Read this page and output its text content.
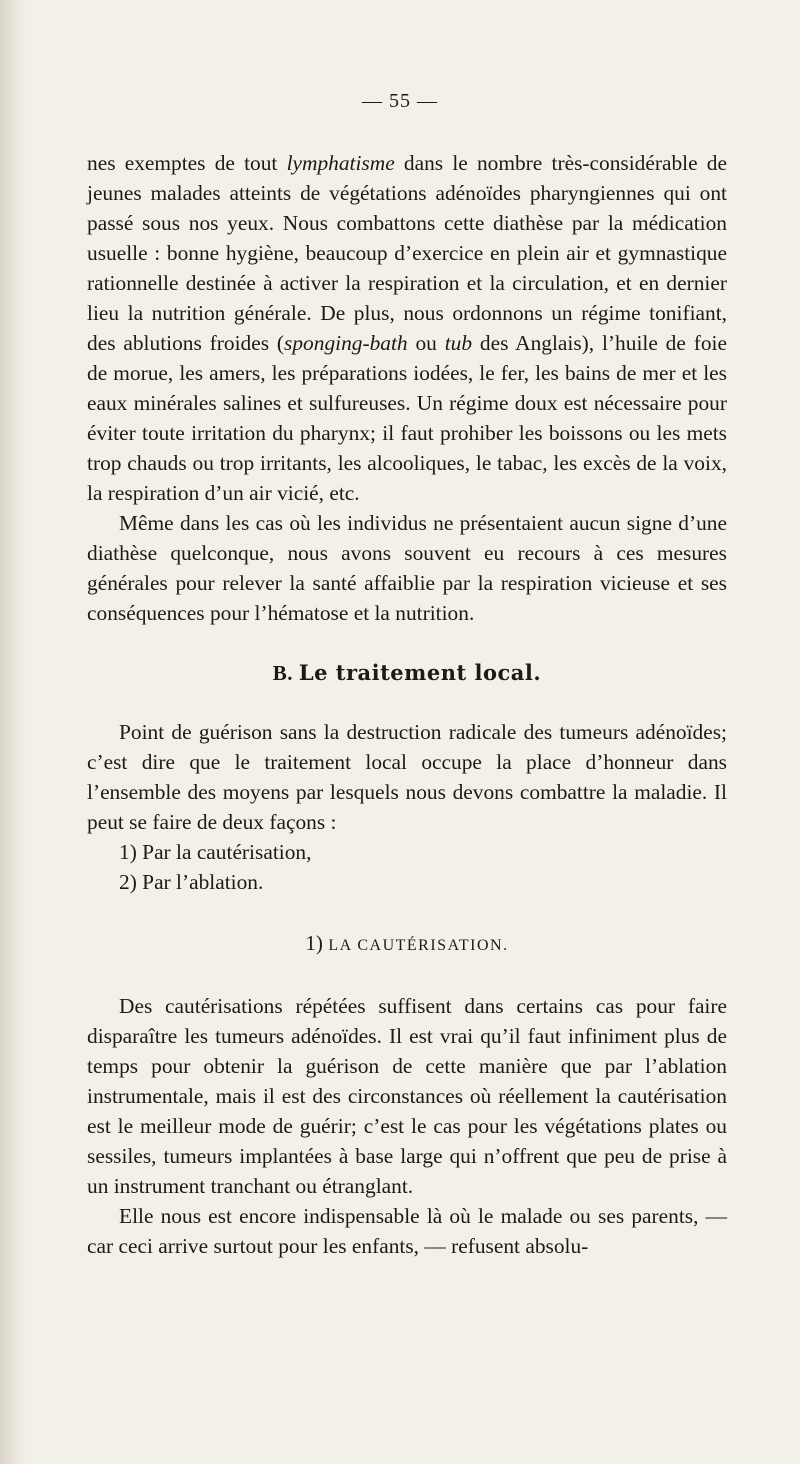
— 55 —

nes exemptes de tout lymphatisme dans le nombre très-considérable de jeunes malades atteints de végétations adénoïdes pharyngiennes qui ont passé sous nos yeux. Nous combattons cette diathèse par la médication usuelle : bonne hygiène, beaucoup d’exercice en plein air et gymnastique rationnelle destinée à activer la respiration et la circulation, et en dernier lieu la nutrition générale. De plus, nous ordonnons un régime tonifiant, des ablutions froides (sponging-bath ou tub des Anglais), l’huile de foie de morue, les amers, les préparations iodées, le fer, les bains de mer et les eaux minérales salines et sulfureuses. Un régime doux est nécessaire pour éviter toute irritation du pharynx; il faut prohiber les boissons ou les mets trop chauds ou trop irritants, les alcooliques, le tabac, les excès de la voix, la respiration d’un air vicié, etc.

Même dans les cas où les individus ne présentaient aucun signe d’une diathèse quelconque, nous avons souvent eu recours à ces mesures générales pour relever la santé affaiblie par la respiration vicieuse et ses conséquences pour l’hématose et la nutrition.

B. Le traitement local.

Point de guérison sans la destruction radicale des tumeurs adénoïdes; c’est dire que le traitement local occupe la place d’honneur dans l’ensemble des moyens par lesquels nous devons combattre la maladie. Il peut se faire de deux façons :

1) Par la cautérisation,

2) Par l’ablation.

1) LA CAUTÉRISATION.

Des cautérisations répétées suffisent dans certains cas pour faire disparaître les tumeurs adénoïdes. Il est vrai qu’il faut infiniment plus de temps pour obtenir la guérison de cette manière que par l’ablation instrumentale, mais il est des circonstances où réellement la cautérisation est le meilleur mode de guérir; c’est le cas pour les végétations plates ou sessiles, tumeurs implantées à base large qui n’offrent que peu de prise à un instrument tranchant ou étranglant.

Elle nous est encore indispensable là où le malade ou ses parents, — car ceci arrive surtout pour les enfants, — refusent absolu-
